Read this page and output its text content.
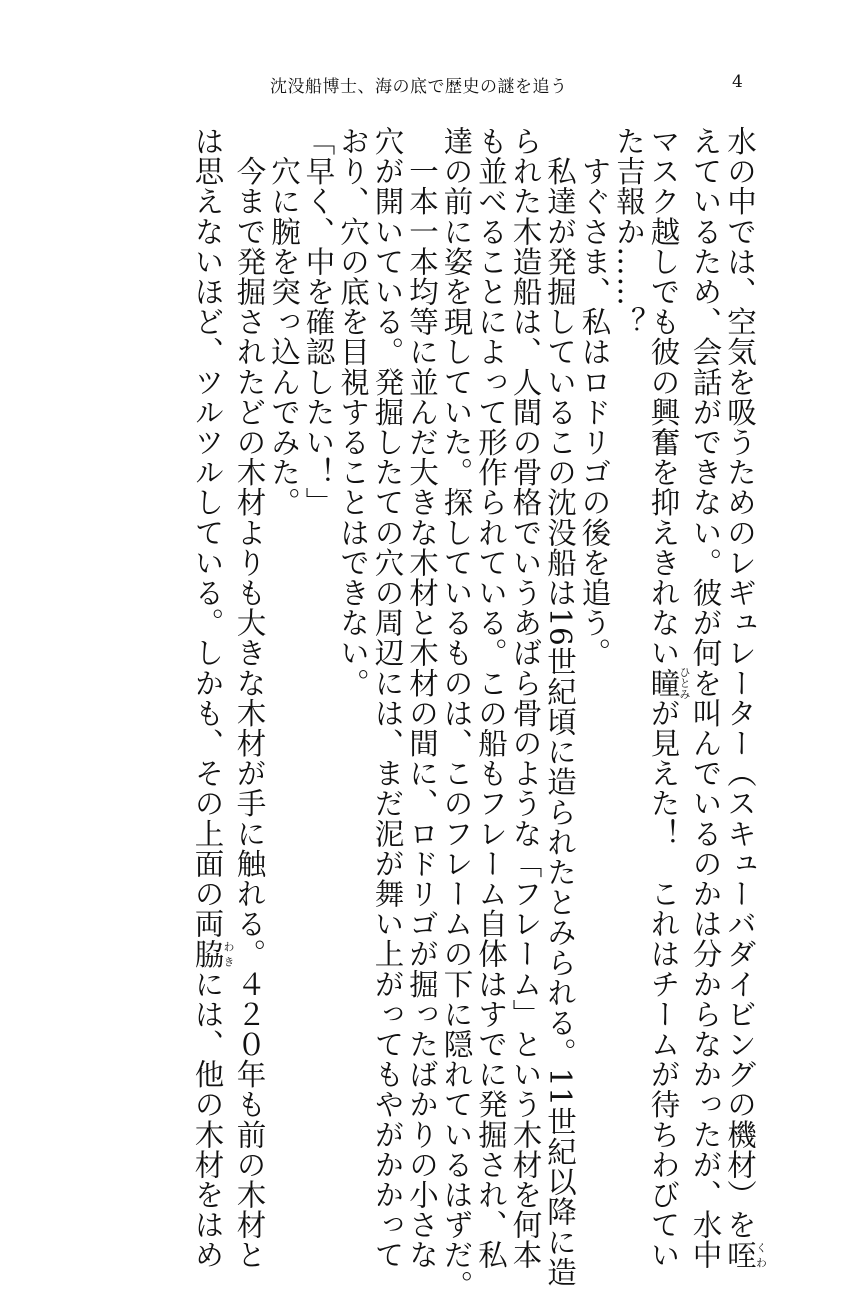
沈没船博士、海の底で歴史の謎を追う	4

水の中では、空気を吸うためのレギュレーター（スキューバダイビングの機材）を咥くわ
えているため、会話ができない。彼が何を叫んでいるのかは分からなかったが、水中
マスク越しでも彼の興奮を抑えきれない瞳ひとみが見えた！　これはチームが待ちわびてい
た吉報か……？

　すぐさま、私はロドリゴの後を追う。

　私達が発掘しているこの沈没船は16世紀頃に造られたとみられる。11世紀以降に造
られた木造船は、人間の骨格でいうあばら骨のような「フレーム」という木材を何本
も並べることによって形作られている。この船もフレーム自体はすでに発掘され、私
達の前に姿を現していた。探しているものは、このフレームの下に隠れているはずだ。

　一本一本均等に並んだ大きな木材と木材の間に、ロドリゴが掘ったばかりの小さな
穴が開いている。発掘したての穴の周辺には、まだ泥が舞い上がってもやがかかって
おり、穴の底を目視することはできない。

「早く、中を確認したい！」

　穴に腕を突っ込んでみた。

　今まで発掘されたどの木材よりも大きな木材が手に触れる。４２０年も前の木材と
は思えないほど、ツルツルしている。しかも、その上面の両脇わきには、他の木材をはめ
